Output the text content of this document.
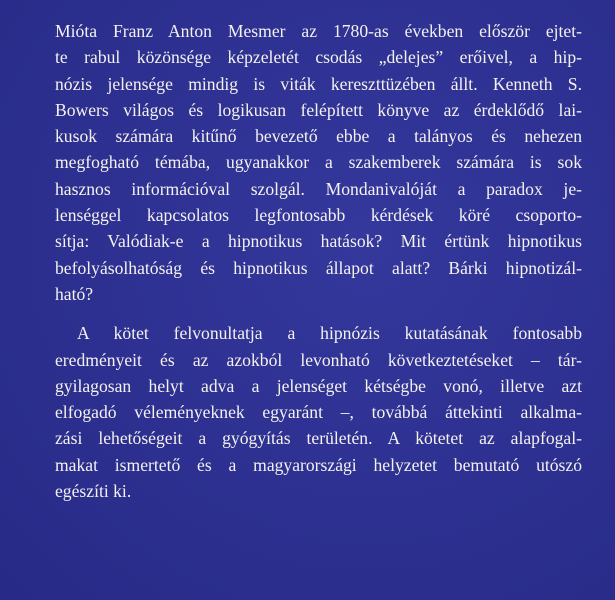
Mióta Franz Anton Mesmer az 1780-as években először ejtet-
te rabul közönsége képzeletét csodás „delejes” erőivel, a hip-
nózis jelensége mindig is viták kereszttüzében állt. Kenneth S.
Bowers világos és logikusan felépített könyve az érdeklődő lai-
kusok számára kitűnő bevezető ebbe a talányos és nehezen
megfogható témába, ugyanakkor a szakemberek számára is sok
hasznos információval szolgál. Mondanivalóját a paradox je-
lenséggel kapcsolatos legfontosabb kérdések köré csoporto-
sítja: Valódiak-e a hipnotikus hatások? Mit értünk hipnotikus
befolyásolhatóság és hipnotikus állapot alatt? Bárki hipnotizál-
ható?
A kötet felvonultatja a hipnózis kutatásának fontosabb
eredményeit és az azokból levonható következtetéseket – tár-
gyilagosan helyt adva a jelenséget kétségbe vonó, illetve azt
elfogadó véleményeknek egyaránt –, továbbá áttekinti alkalma-
zási lehetőségeit a gyógyítás területén. A kötetet az alapfogal-
makat ismertető és a magyarországi helyzetet bemutató utószó
egészíti ki.
